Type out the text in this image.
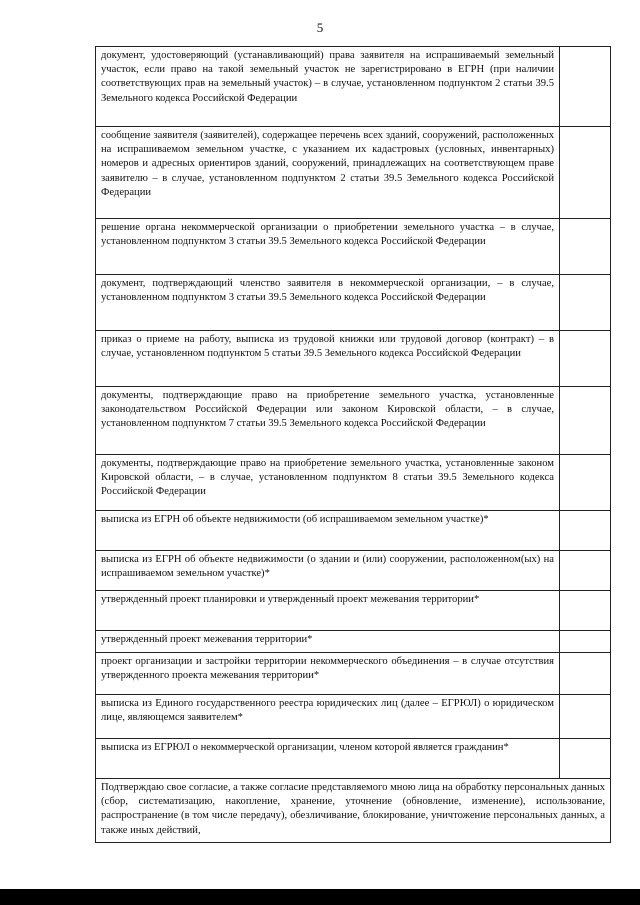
5
документ, удостоверяющий (устанавливающий) права заявителя на испрашиваемый земельный участок, если право на такой земельный участок не зарегистрировано в ЕГРН (при наличии соответствующих прав на земельный участок) – в случае, установленном подпунктом 2 статьи 39.5 Земельного кодекса Российской Федерации	
сообщение заявителя (заявителей), содержащее перечень всех зданий, сооружений, расположенных на испрашиваемом земельном участке, с указанием их кадастровых (условных, инвентарных) номеров и адресных ориентиров зданий, сооружений, принадлежащих на соответствующем праве заявителю – в случае, установленном подпунктом 2 статьи 39.5 Земельного кодекса Российской Федерации	
решение органа некоммерческой организации о приобретении земельного участка – в случае, установленном подпунктом 3 статьи 39.5 Земельного кодекса Российской Федерации	
документ, подтверждающий членство заявителя в некоммерческой организации, – в случае, установленном подпунктом 3 статьи 39.5 Земельного кодекса Российской Федерации	
приказ о приеме на работу, выписка из трудовой книжки или трудовой договор (контракт) – в случае, установленном подпунктом 5 статьи 39.5 Земельного кодекса Российской Федерации	
документы, подтверждающие право на приобретение земельного участка, установленные законодательством Российской Федерации или законом Кировской области, – в случае, установленном подпунктом 7 статьи 39.5 Земельного кодекса Российской Федерации	
документы, подтверждающие право на приобретение земельного участка, установленные законом Кировской области, – в случае, установленном подпунктом 8 статьи 39.5 Земельного кодекса Российской Федерации	
выписка из ЕГРН об объекте недвижимости (об испрашиваемом земельном участке)*	
выписка из ЕГРН об объекте недвижимости (о здании и (или) сооружении, расположенном(ых) на испрашиваемом земельном участке)*	
утвержденный проект планировки и утвержденный проект межевания территории*	
утвержденный проект межевания территории*	
проект организации и застройки территории некоммерческого объединения – в случае отсутствия утвержденного проекта межевания территории*	
выписка из Единого государственного реестра юридических лиц (далее – ЕГРЮЛ) о юридическом лице, являющемся заявителем*	
выписка из ЕГРЮЛ о некоммерческой организации, членом которой является гражданин*	
Подтверждаю свое согласие, а также согласие представляемого мною лица на обработку персональных данных (сбор, систематизацию, накопление, хранение, уточнение (обновление, изменение), использование, распространение (в том числе передачу), обезличивание, блокирование, уничтожение персональных данных, а также иных действий,	
